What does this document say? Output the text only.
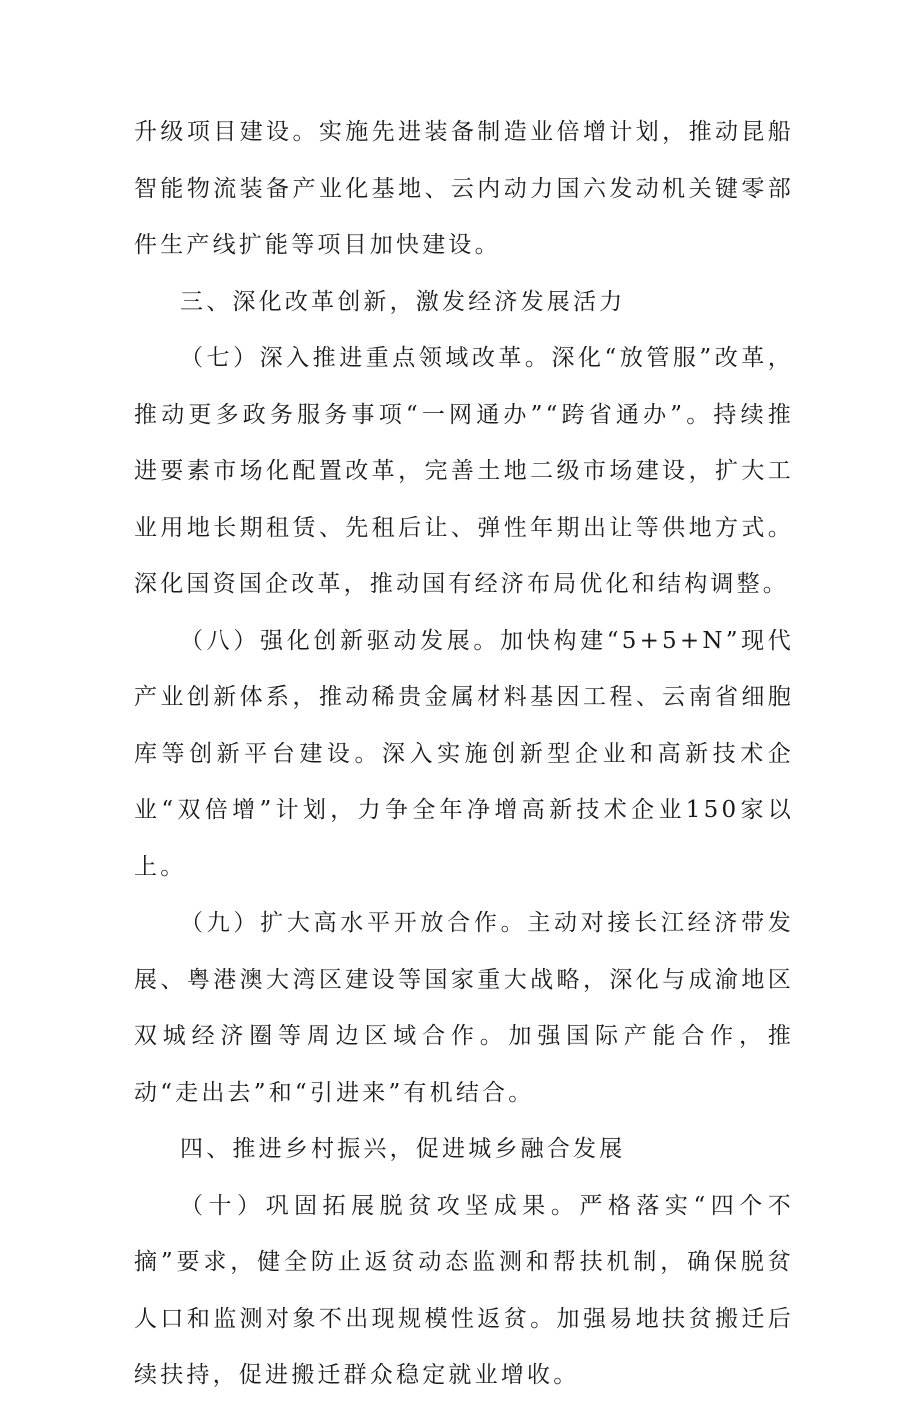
升级项目建设。实施先进装备制造业倍增计划，推动昆船智能物流装备产业化基地、云内动力国六发动机关键零部件生产线扩能等项目加快建设。

三、深化改革创新，激发经济发展活力

（七）深入推进重点领域改革。深化“放管服”改革，推动更多政务服务事项“一网通办”“跨省通办”。持续推进要素市场化配置改革，完善土地二级市场建设，扩大工业用地长期租赁、先租后让、弹性年期出让等供地方式。深化国资国企改革，推动国有经济布局优化和结构调整。

（八）强化创新驱动发展。加快构建“5+5+N”现代产业创新体系，推动稀贵金属材料基因工程、云南省细胞库等创新平台建设。深入实施创新型企业和高新技术企业“双倍增”计划，力争全年净增高新技术企业150家以上。

（九）扩大高水平开放合作。主动对接长江经济带发展、粤港澳大湾区建设等国家重大战略，深化与成渝地区双城经济圈等周边区域合作。加强国际产能合作，推动“走出去”和“引进来”有机结合。

四、推进乡村振兴，促进城乡融合发展

（十）巩固拓展脱贫攻坚成果。严格落实“四个不摘”要求，健全防止返贫动态监测和帮扶机制，确保脱贫人口和监测对象不出现规模性返贫。加强易地扶贫搬迁后续扶持，促进搬迁群众稳定就业增收。
